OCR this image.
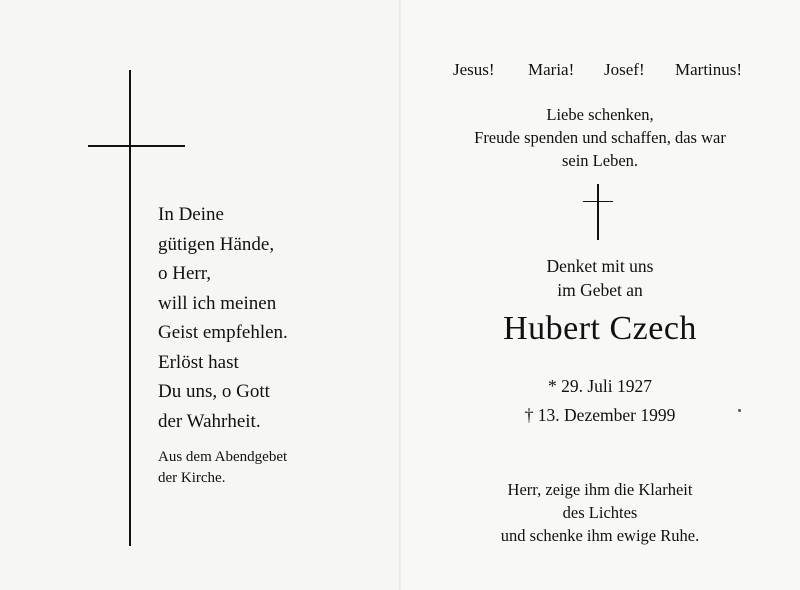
In Deine
gütigen Hände,
o Herr,
will ich meinen
Geist empfehlen.
Erlöst hast
Du uns, o Gott
der Wahrheit.
Aus dem Abendgebet
der Kirche.
Jesus! Maria! Josef! Martinus!
Liebe schenken,
Freude spenden und schaffen, das war
sein Leben.
Denket mit uns
im Gebet an
Hubert Czech
* 29. Juli 1927
† 13. Dezember 1999
Herr, zeige ihm die Klarheit
des Lichtes
und schenke ihm ewige Ruhe.
